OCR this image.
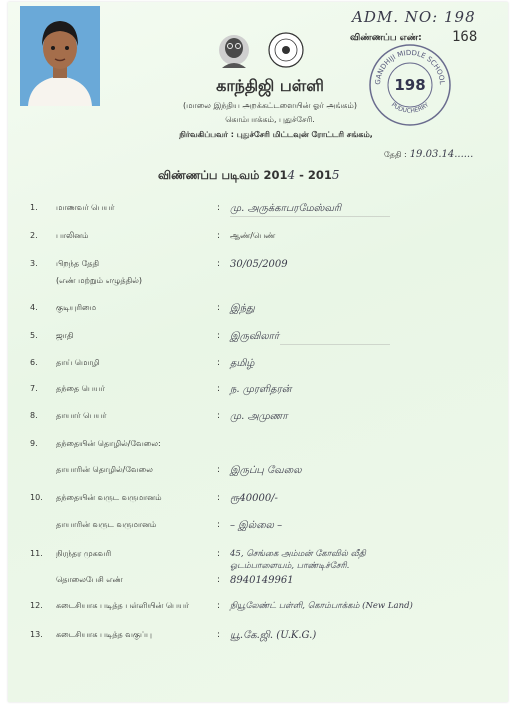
ADM. NO: 198
விண்ணப்ப எண்: 168
காந்திஜி பள்ளி
(மாலை இந்திய அறக்கட்டளையின் ஓர் அங்கம்)
கொம்பாக்கம், புதுச்சேரி.
நிர்வகிப்பவர் : புதுச்சேரி மிட்டவுன் ரோட்டரி சங்கம்,
GANDHIJI MIDDLE SCHOOL
PUDUCHERRY
198
தேதி : 19.03.14......
விண்ணப்ப படிவம் 2014 - 2015
1. மாணவர் பெயர்	: மு. அருக்காபரமேஸ்வரி
2. பாலினம்	: ஆண்/பெண்
3. பிறந்த தேதி
(எண் மற்றும் எழுத்தில்)
: 30/05/2009
4. குடியுரிமை	: இந்து
5. ஜாதி	: இருவிலார்
6. தாய் மொழி	: தமிழ்
7. தந்தை பெயர்	: ந. முரளிதரன்
8. தாயார் பெயர்	: மு. அமுணா
9. தந்தையின் தொழில்/வேலை:
தாயாரின் தொழில்/வேலை	: இருப்பு வேலை
10. தந்தையின் வருட வருமானம்	: ரூ40000/-
தாயாரின் வருட வருமானம்	: – இல்லை –
11. நிரந்தர முகவரி	: 45, செங்கை அம்மன் கோவில் வீதி
ஓடம்பாளையம், பாண்டிச்சேரி.
தொலைபேசி எண்	: 8940149961
12. கடைசியாக படித்த பள்ளியின் பெயர்	: நியூலேண்ட் பள்ளி, கொம்பாக்கம் (New Land)
13. கடைசியாக படித்த வகுப்பு	: யூ.கே.ஜி. (U.K.G.)
